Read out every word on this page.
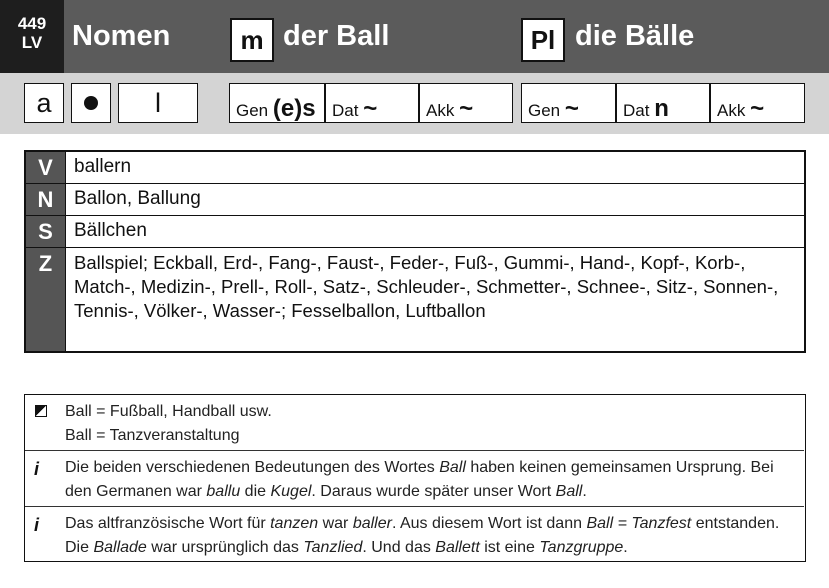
449
LV	Nomen	m der Ball	Pl die Bälle
a	l	Gen (e)s Dat ~	Akk ~	Gen ~	Dat n	Akk ~
V	ballern
N	Ballon, Ballung
S	Bällchen
Z	Ballspiel; Eckball, Erd-, Fang-, Faust-, Feder-, Fuß-, Gummi-, Hand-, Kopf-, Korb-, Match-, Medizin-, Prell-, Roll-, Satz-, Schleuder-, Schmetter-, Schnee-, Sitz-, Sonnen-, Tennis-, Völker-, Wasser-; Fesselballon, Luftballon
Ball = Fußball, Handball usw.
Ball = Tanzveranstaltung
i Die beiden verschiedenen Bedeutungen des Wortes Ball haben keinen gemeinsamen Ursprung. Bei den Germanen war ballu die Kugel. Daraus wurde später unser Wort Ball.
i Das altfranzösische Wort für tanzen war baller. Aus diesem Wort ist dann Ball = Tanzfest entstanden. Die Ballade war ursprünglich das Tanzlied. Und das Ballett ist eine Tanzgruppe.
